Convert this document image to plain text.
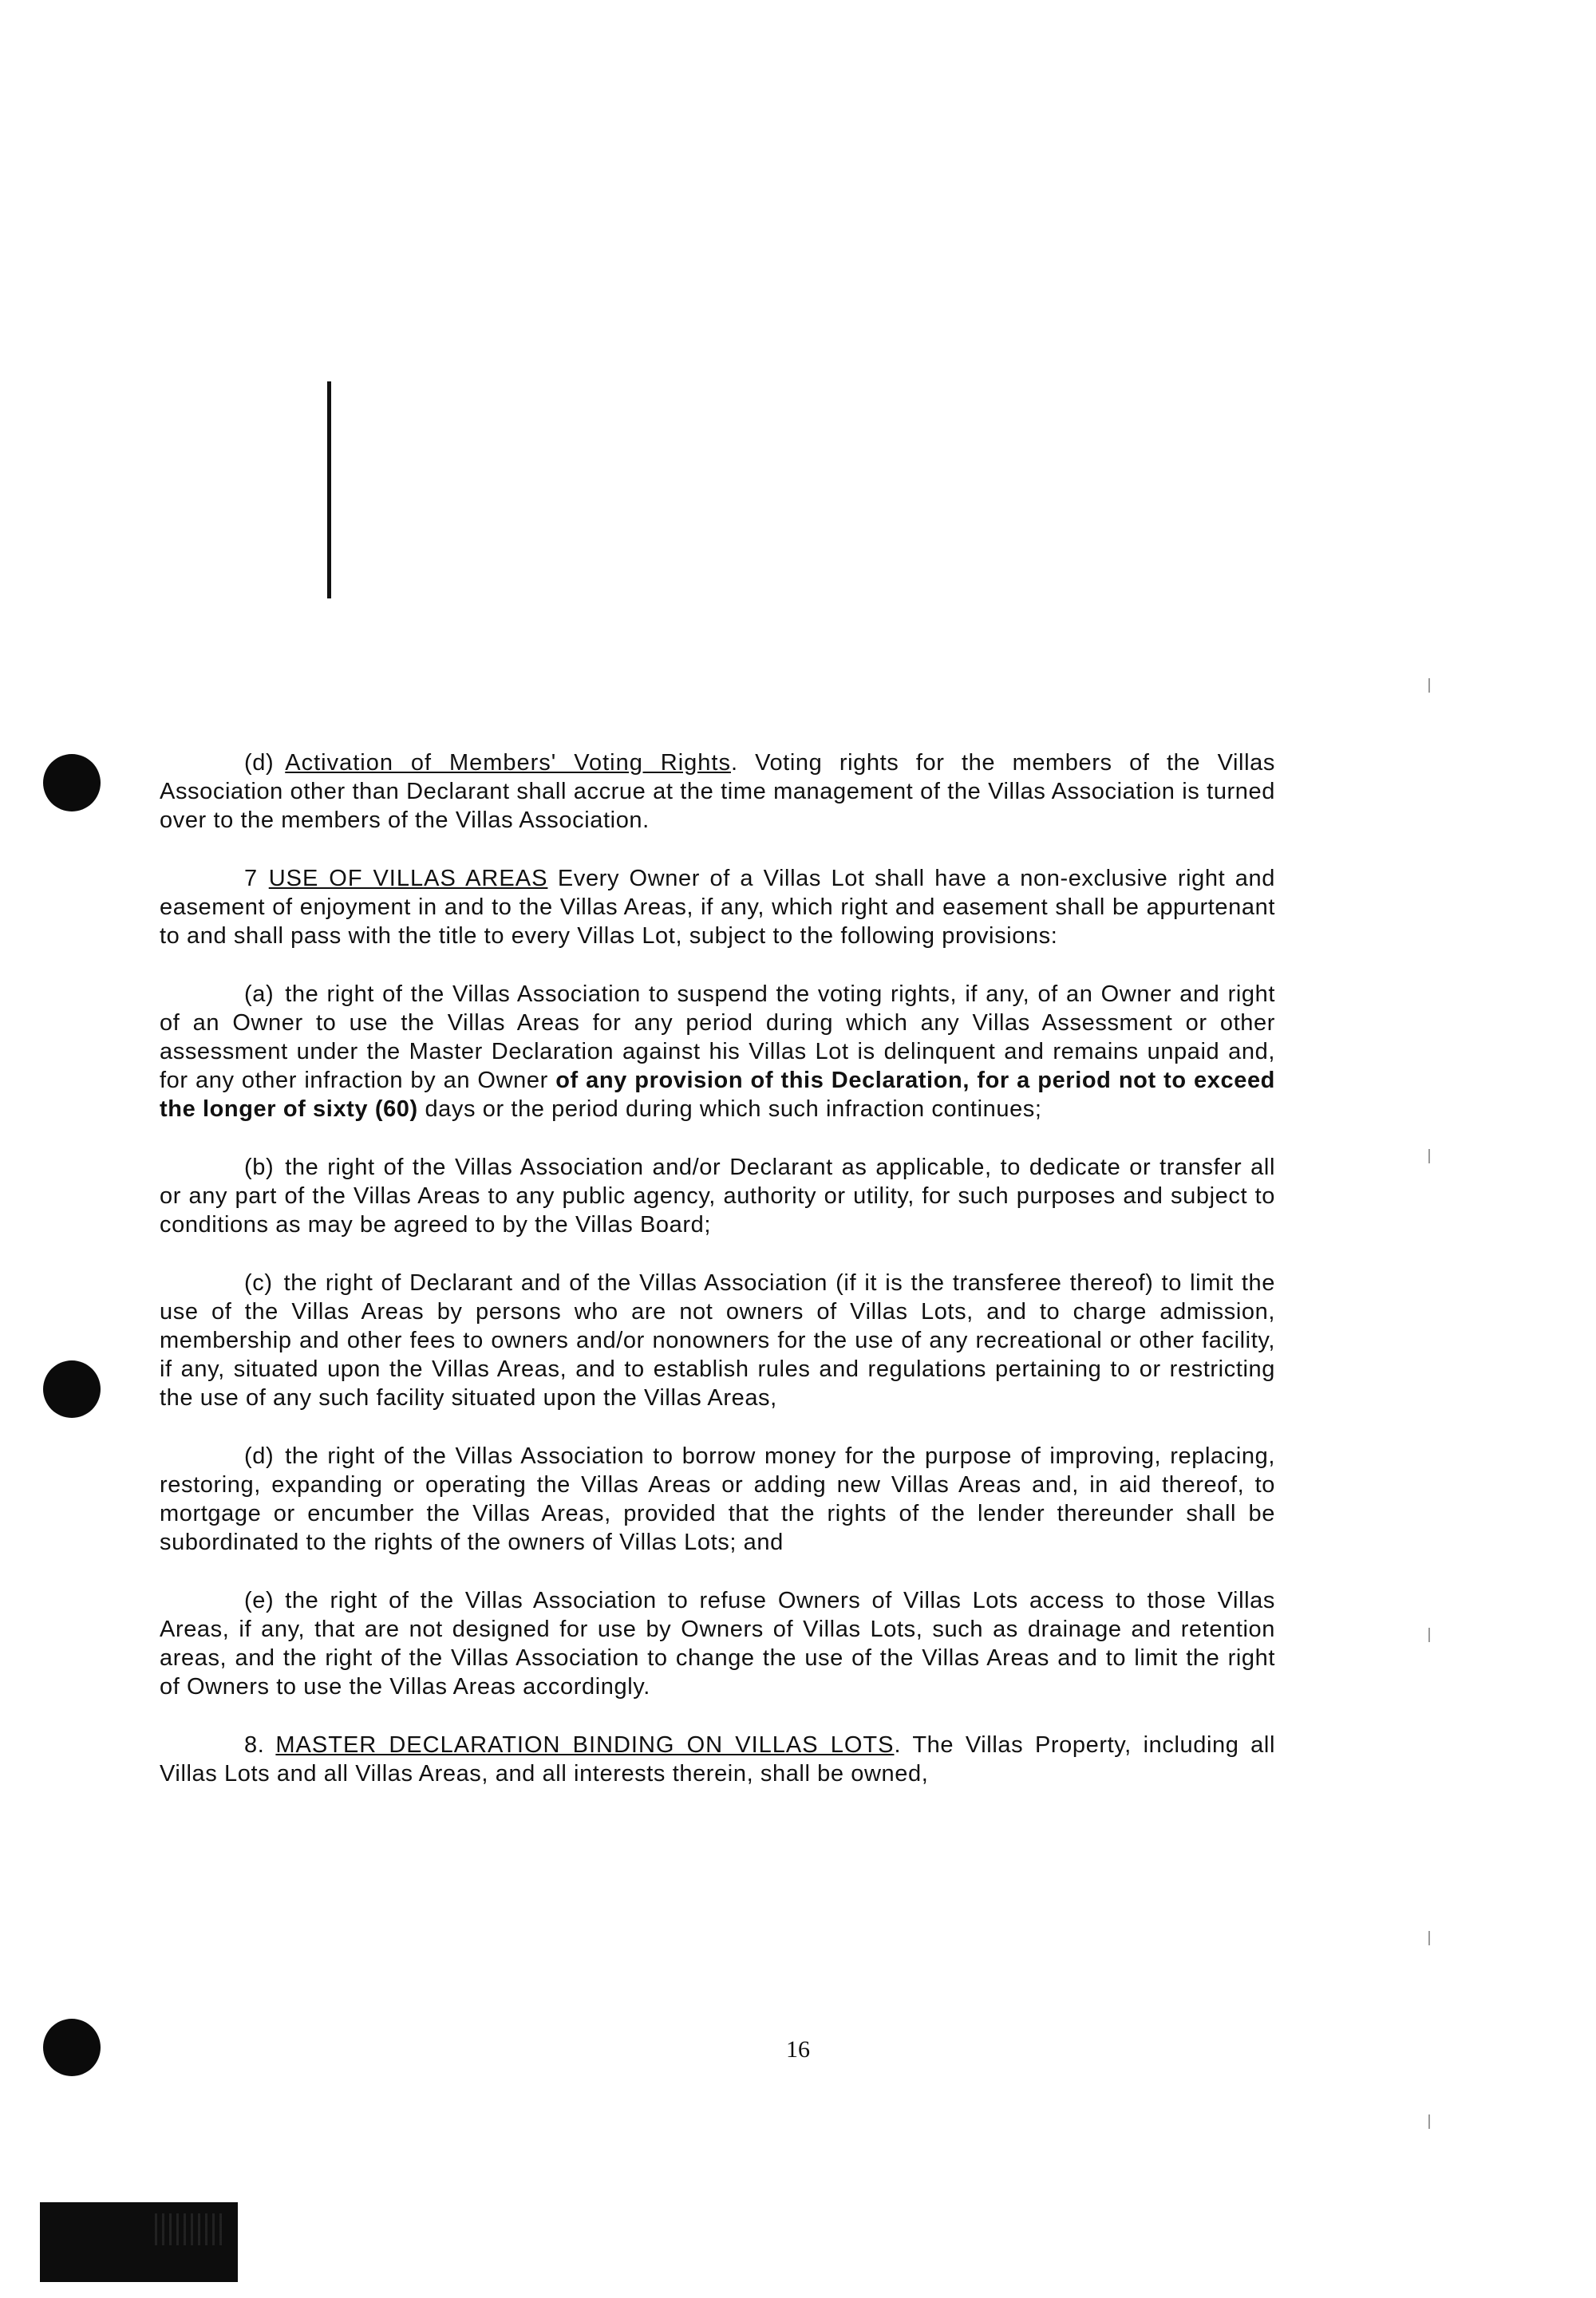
(d) Activation of Members' Voting Rights. Voting rights for the members of the Villas Association other than Declarant shall accrue at the time management of the Villas Association is turned over to the members of the Villas Association.

7 USE OF VILLAS AREAS Every Owner of a Villas Lot shall have a non-exclusive right and easement of enjoyment in and to the Villas Areas, if any, which right and easement shall be appurtenant to and shall pass with the title to every Villas Lot, subject to the following provisions:

(a) the right of the Villas Association to suspend the voting rights, if any, of an Owner and right of an Owner to use the Villas Areas for any period during which any Villas Assessment or other assessment under the Master Declaration against his Villas Lot is delinquent and remains unpaid and, for any other infraction by an Owner of any provision of this Declaration, for a period not to exceed the longer of sixty (60) days or the period during which such infraction continues;

(b) the right of the Villas Association and/or Declarant as applicable, to dedicate or transfer all or any part of the Villas Areas to any public agency, authority or utility, for such purposes and subject to conditions as may be agreed to by the Villas Board;

(c) the right of Declarant and of the Villas Association (if it is the transferee thereof) to limit the use of the Villas Areas by persons who are not owners of Villas Lots, and to charge admission, membership and other fees to owners and/or nonowners for the use of any recreational or other facility, if any, situated upon the Villas Areas, and to establish rules and regulations pertaining to or restricting the use of any such facility situated upon the Villas Areas,

(d) the right of the Villas Association to borrow money for the purpose of improving, replacing, restoring, expanding or operating the Villas Areas or adding new Villas Areas and, in aid thereof, to mortgage or encumber the Villas Areas, provided that the rights of the lender thereunder shall be subordinated to the rights of the owners of Villas Lots; and

(e) the right of the Villas Association to refuse Owners of Villas Lots access to those Villas Areas, if any, that are not designed for use by Owners of Villas Lots, such as drainage and retention areas, and the right of the Villas Association to change the use of the Villas Areas and to limit the right of Owners to use the Villas Areas accordingly.

8. MASTER DECLARATION BINDING ON VILLAS LOTS. The Villas Property, including all Villas Lots and all Villas Areas, and all interests therein, shall be owned,

16
